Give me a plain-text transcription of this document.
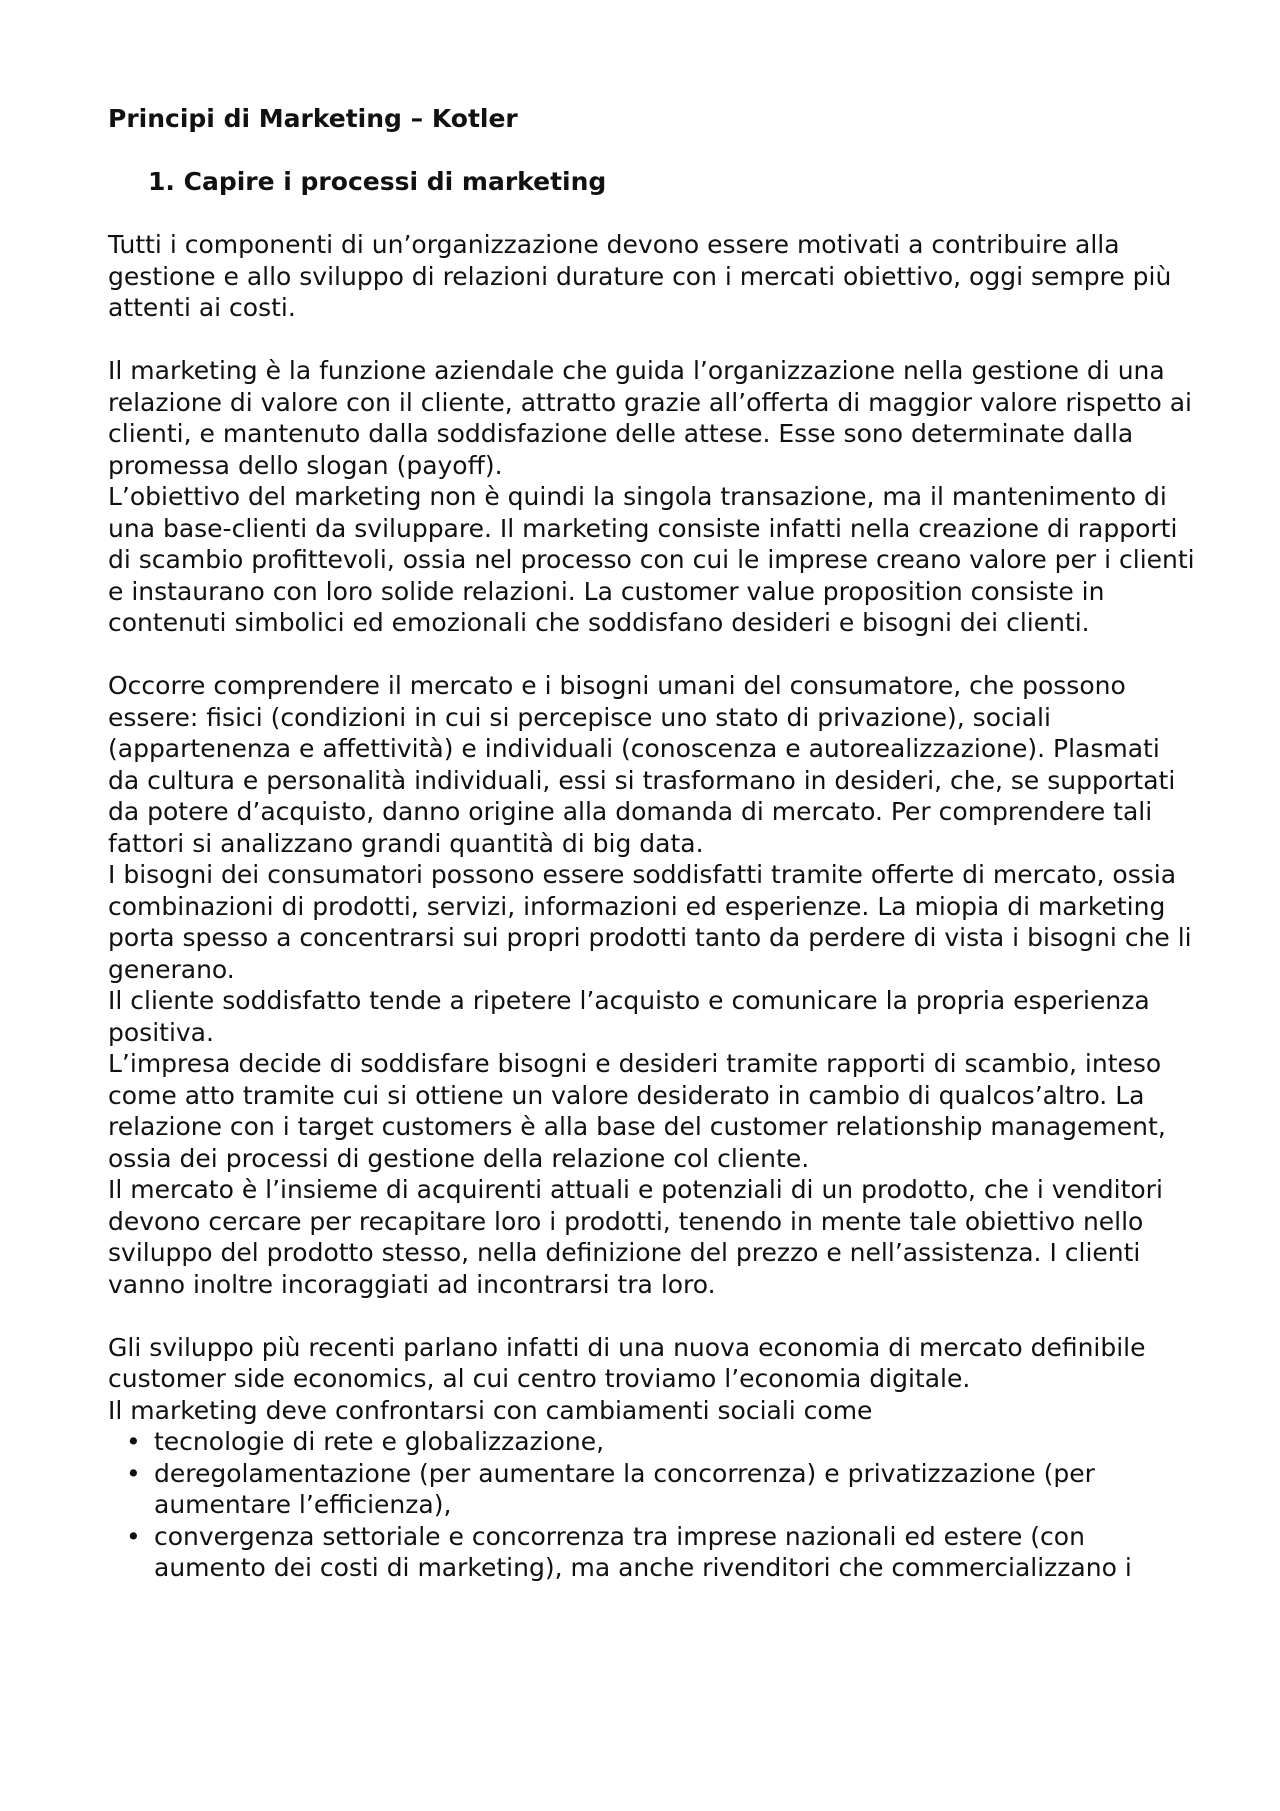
Principi di Marketing – Kotler
1. Capire i processi di marketing

Tutti i componenti di un’organizzazione devono essere motivati a contribuire alla gestione e allo sviluppo di relazioni durature con i mercati obiettivo, oggi sempre più attenti ai costi.

Il marketing è la funzione aziendale che guida l’organizzazione nella gestione di una relazione di valore con il cliente, attratto grazie all’offerta di maggior valore rispetto ai clienti, e mantenuto dalla soddisfazione delle attese. Esse sono determinate dalla promessa dello slogan (payoff).

L’obiettivo del marketing non è quindi la singola transazione, ma il mantenimento di una base-clienti da sviluppare. Il marketing consiste infatti nella creazione di rapporti di scambio profittevoli, ossia nel processo con cui le imprese creano valore per i clienti e instaurano con loro solide relazioni. La customer value proposition consiste in contenuti simbolici ed emozionali che soddisfano desideri e bisogni dei clienti.

Occorre comprendere il mercato e i bisogni umani del consumatore, che possono essere: fisici (condizioni in cui si percepisce uno stato di privazione), sociali (appartenenza e affettività) e individuali (conoscenza e autorealizzazione). Plasmati da cultura e personalità individuali, essi si trasformano in desideri, che, se supportati da potere d’acquisto, danno origine alla domanda di mercato. Per comprendere tali fattori si analizzano grandi quantità di big data.

I bisogni dei consumatori possono essere soddisfatti tramite offerte di mercato, ossia combinazioni di prodotti, servizi, informazioni ed esperienze. La miopia di marketing porta spesso a concentrarsi sui propri prodotti tanto da perdere di vista i bisogni che li generano.

Il cliente soddisfatto tende a ripetere l’acquisto e comunicare la propria esperienza positiva.

L’impresa decide di soddisfare bisogni e desideri tramite rapporti di scambio, inteso come atto tramite cui si ottiene un valore desiderato in cambio di qualcos’altro. La relazione con i target customers è alla base del customer relationship management, ossia dei processi di gestione della relazione col cliente.

Il mercato è l’insieme di acquirenti attuali e potenziali di un prodotto, che i venditori devono cercare per recapitare loro i prodotti, tenendo in mente tale obiettivo nello sviluppo del prodotto stesso, nella definizione del prezzo e nell’assistenza. I clienti vanno inoltre incoraggiati ad incontrarsi tra loro.

Gli sviluppo più recenti parlano infatti di una nuova economia di mercato definibile customer side economics, al cui centro troviamo l’economia digitale.

Il marketing deve confrontarsi con cambiamenti sociali come

• tecnologie di rete e globalizzazione,
• deregolamentazione (per aumentare la concorrenza) e privatizzazione (per aumentare l’efficienza),
• convergenza settoriale e concorrenza tra imprese nazionali ed estere (con aumento dei costi di marketing), ma anche rivenditori che commercializzano i
